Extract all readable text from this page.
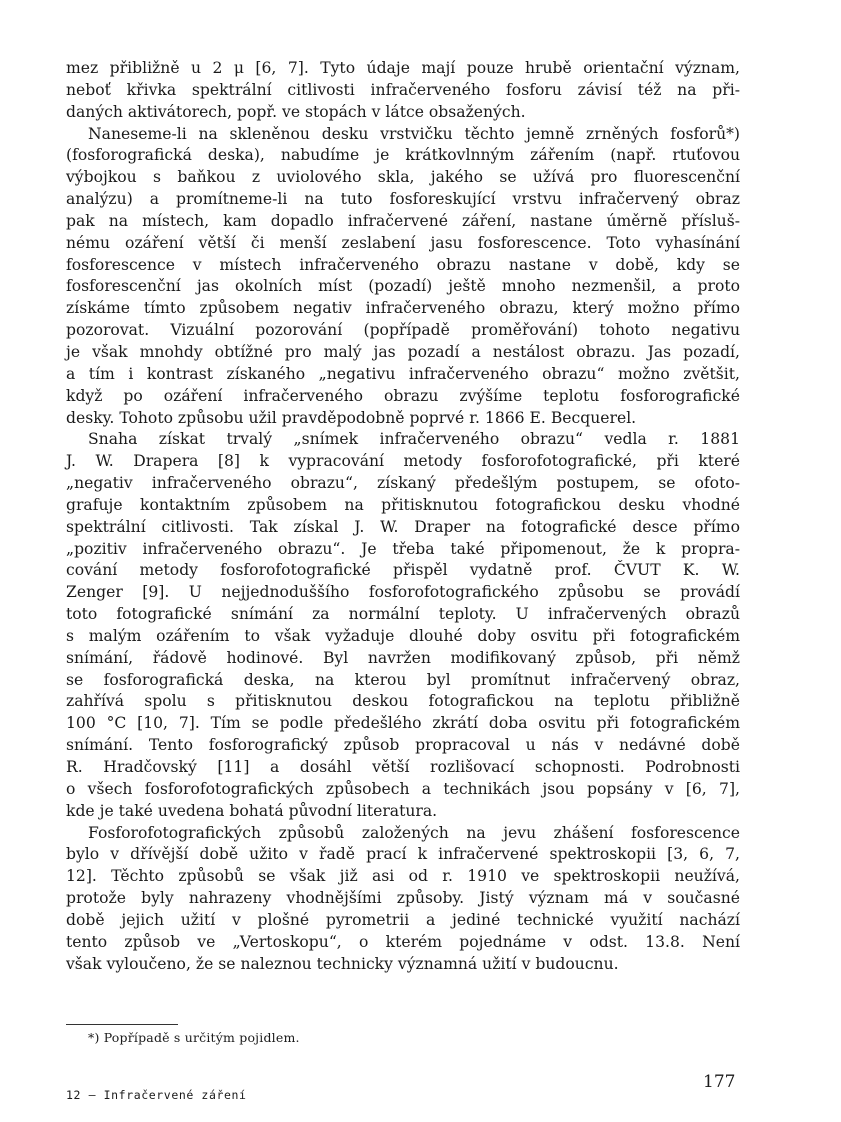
mez přibližně u 2 μ [6, 7]. Tyto údaje mají pouze hrubě orientační význam,
neboť křivka spektrální citlivosti infračerveného fosforu závisí též na při-
daných aktivátorech, popř. ve stopách v látce obsažených.
Naneseme-li na skleněnou desku vrstvičku těchto jemně zrněných fosforů*)
(fosforografická deska), nabudíme je krátkovlnným zářením (např. rtuťovou
výbojkou s baňkou z uviolového skla, jakého se užívá pro fluorescenční
analýzu) a promítneme-li na tuto fosforeskující vrstvu infračervený obraz
pak na místech, kam dopadlo infračervené záření, nastane úměrně přísluš-
nému ozáření větší či menší zeslabení jasu fosforescence. Toto vyhasínání
fosforescence v místech infračerveného obrazu nastane v době, kdy se
fosforescenční jas okolních míst (pozadí) ještě mnoho nezmenšil, a proto
získáme tímto způsobem negativ infračerveného obrazu, který možno přímo
pozorovat. Vizuální pozorování (popřípadě proměřování) tohoto negativu
je však mnohdy obtížné pro malý jas pozadí a nestálost obrazu. Jas pozadí,
a tím i kontrast získaného „negativu infračerveného obrazu“ možno zvětšit,
když po ozáření infračerveného obrazu zvýšíme teplotu fosforografické
desky. Tohoto způsobu užil pravděpodobně poprvé r. 1866 E. Becquerel.
Snaha získat trvalý „snímek infračerveného obrazu“ vedla r. 1881
J. W. Drapera [8] k vypracování metody fosforofotografické, při které
„negativ infračerveného obrazu“, získaný předešlým postupem, se ofoto-
grafuje kontaktním způsobem na přitisknutou fotografickou desku vhodné
spektrální citlivosti. Tak získal J. W. Draper na fotografické desce přímo
„pozitiv infračerveného obrazu“. Je třeba také připomenout, že k propra-
cování metody fosforofotografické přispěl vydatně prof. ČVUT K. W.
Zenger [9]. U nejjednoduššího fosforofotografického způsobu se provádí
toto fotografické snímání za normální teploty. U infračervených obrazů
s malým ozářením to však vyžaduje dlouhé doby osvitu při fotografickém
snímání, řádově hodinové. Byl navržen modifikovaný způsob, při němž
se fosforografická deska, na kterou byl promítnut infračervený obraz,
zahřívá spolu s přitisknutou deskou fotografickou na teplotu přibližně
100 °C [10, 7]. Tím se podle předešlého zkrátí doba osvitu při fotografickém
snímání. Tento fosforografický způsob propracoval u nás v nedávné době
R. Hradčovský [11] a dosáhl větší rozlišovací schopnosti. Podrobnosti
o všech fosforofotografických způsobech a technikách jsou popsány v [6, 7],
kde je také uvedena bohatá původní literatura.
Fosforofotografických způsobů založených na jevu zhášení fosforescence
bylo v dřívější době užito v řadě prací k infračervené spektroskopii [3, 6, 7,
12]. Těchto způsobů se však již asi od r. 1910 ve spektroskopii neužívá,
protože byly nahrazeny vhodnějšími způsoby. Jistý význam má v současné
době jejich užití v plošné pyrometrii a jediné technické využití nachází
tento způsob ve „Vertoskopu“, o kterém pojednáme v odst. 13.8. Není
však vyloučeno, že se naleznou technicky významná užití v budoucnu.
*) Popřípadě s určitým pojidlem.
12 — Infračervené záření
177
